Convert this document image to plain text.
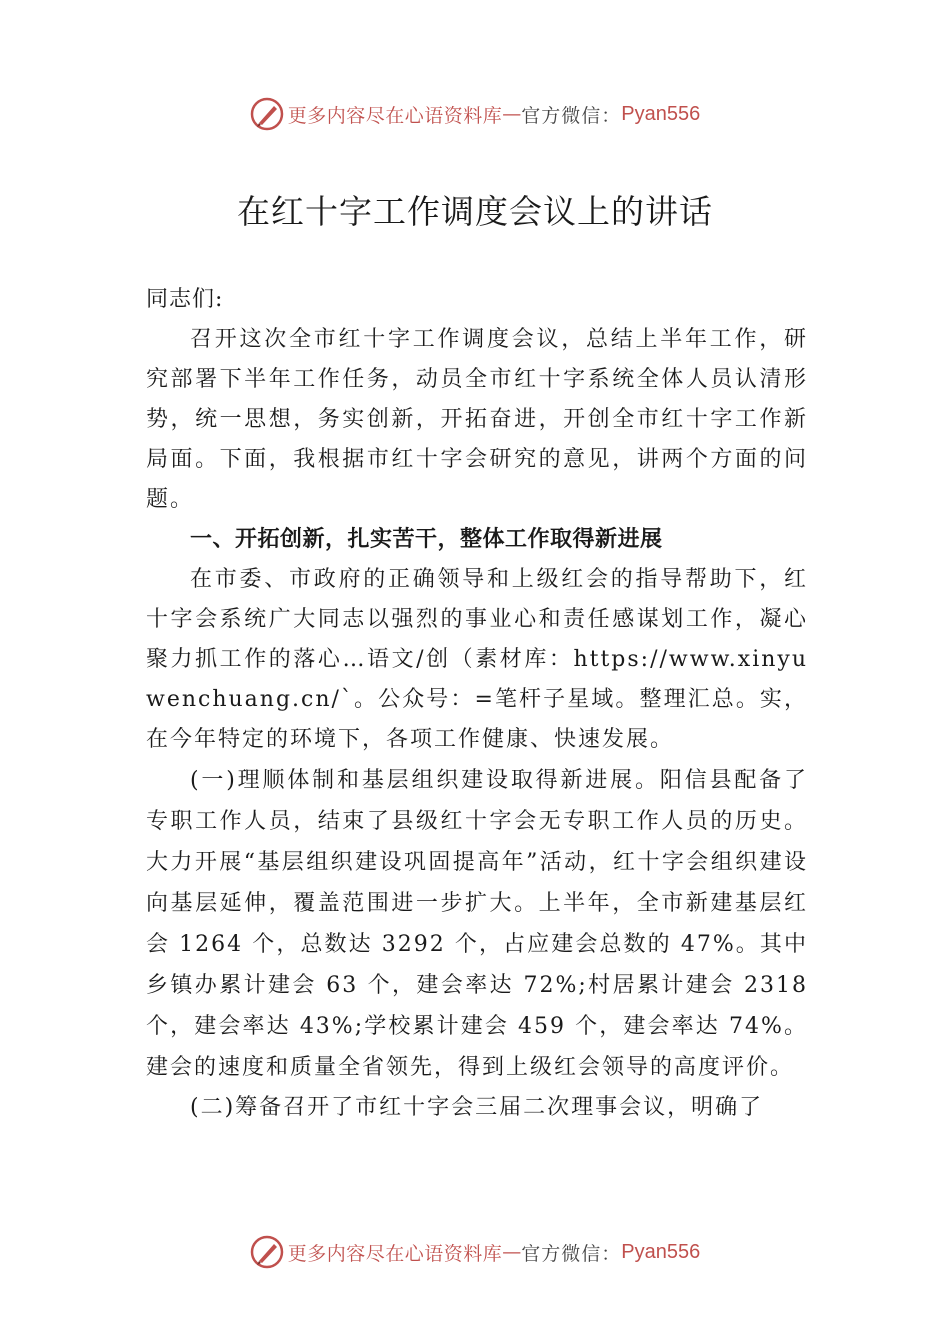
更多内容尽在心语资料库 — 官方微信： Pyan556
在红十字工作调度会议上的讲话
同志们:

召开这次全市红十字工作调度会议，总结上半年工作，研究部署下半年工作任务，动员全市红十字系统全体人员认清形势，统一思想，务实创新，开拓奋进，开创全市红十字工作新局面。下面，我根据市红十字会研究的意见，讲两个方面的问题。

一、开拓创新，扎实苦干，整体工作取得新进展

在市委、市政府的正确领导和上级红会的指导帮助下，红十字会系统广大同志以强烈的事业心和责任感谋划工作，凝心聚力抓工作的落心…语文/创（素材库：https://www.xinyuwenchuang.cn/`。公众号：=笔杆子星域。整理汇总。实，在今年特定的环境下，各项工作健康、快速发展。

(一)理顺体制和基层组织建设取得新进展。阳信县配备了专职工作人员，结束了县级红十字会无专职工作人员的历史。大力开展“基层组织建设巩固提高年”活动，红十字会组织建设向基层延伸，覆盖范围进一步扩大。上半年，全市新建基层红会 1264 个，总数达 3292 个，占应建会总数的 47%。其中乡镇办累计建会 63 个，建会率达 72%;村居累计建会 2318 个，建会率达 43%;学校累计建会 459 个，建会率达 74%。建会的速度和质量全省领先，得到上级红会领导的高度评价。

(二)筹备召开了市红十字会三届二次理事会议，明确了

更多内容尽在心语资料库 — 官方微信： Pyan556
